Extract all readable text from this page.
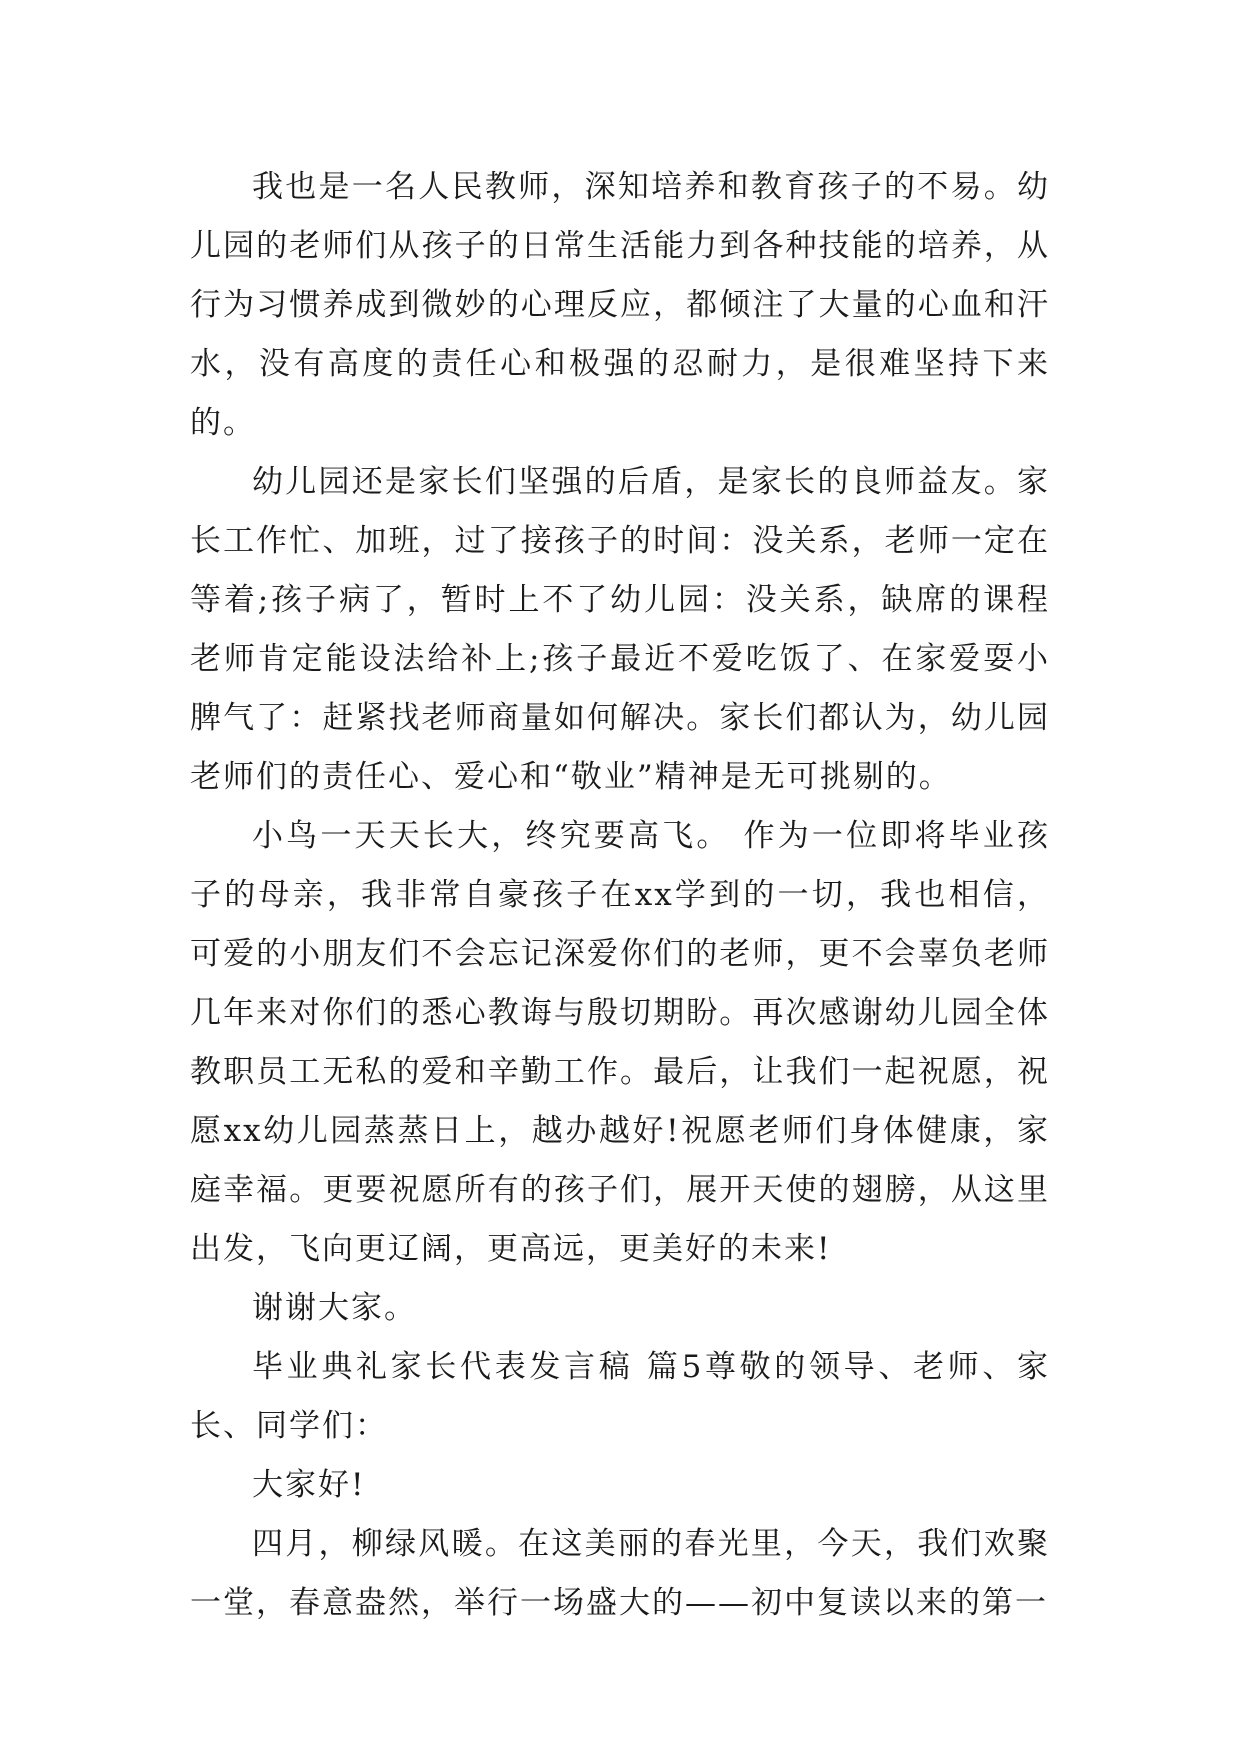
我也是一名人民教师，深知培养和教育孩子的不易。幼儿园的老师们从孩子的日常生活能力到各种技能的培养，从行为习惯养成到微妙的心理反应，都倾注了大量的心血和汗水，没有高度的责任心和极强的忍耐力，是很难坚持下来的。

幼儿园还是家长们坚强的后盾，是家长的良师益友。家长工作忙、加班，过了接孩子的时间：没关系，老师一定在等着;孩子病了，暂时上不了幼儿园：没关系，缺席的课程老师肯定能设法给补上;孩子最近不爱吃饭了、在家爱耍小脾气了：赶紧找老师商量如何解决。家长们都认为，幼儿园老师们的责任心、爱心和“敬业”精神是无可挑剔的。

小鸟一天天长大，终究要高飞。 作为一位即将毕业孩子的母亲，我非常自豪孩子在xx学到的一切，我也相信，可爱的小朋友们不会忘记深爱你们的老师，更不会辜负老师几年来对你们的悉心教诲与殷切期盼。再次感谢幼儿园全体教职员工无私的爱和辛勤工作。最后，让我们一起祝愿，祝愿xx幼儿园蒸蒸日上，越办越好!祝愿老师们身体健康，家庭幸福。更要祝愿所有的孩子们，展开天使的翅膀，从这里出发，飞向更辽阔，更高远，更美好的未来!

谢谢大家。

毕业典礼家长代表发言稿 篇5尊敬的领导、老师、家长、同学们：

大家好!

四月，柳绿风暖。在这美丽的春光里，今天，我们欢聚一堂，春意盎然，举行一场盛大的——初中复读以来的第一
